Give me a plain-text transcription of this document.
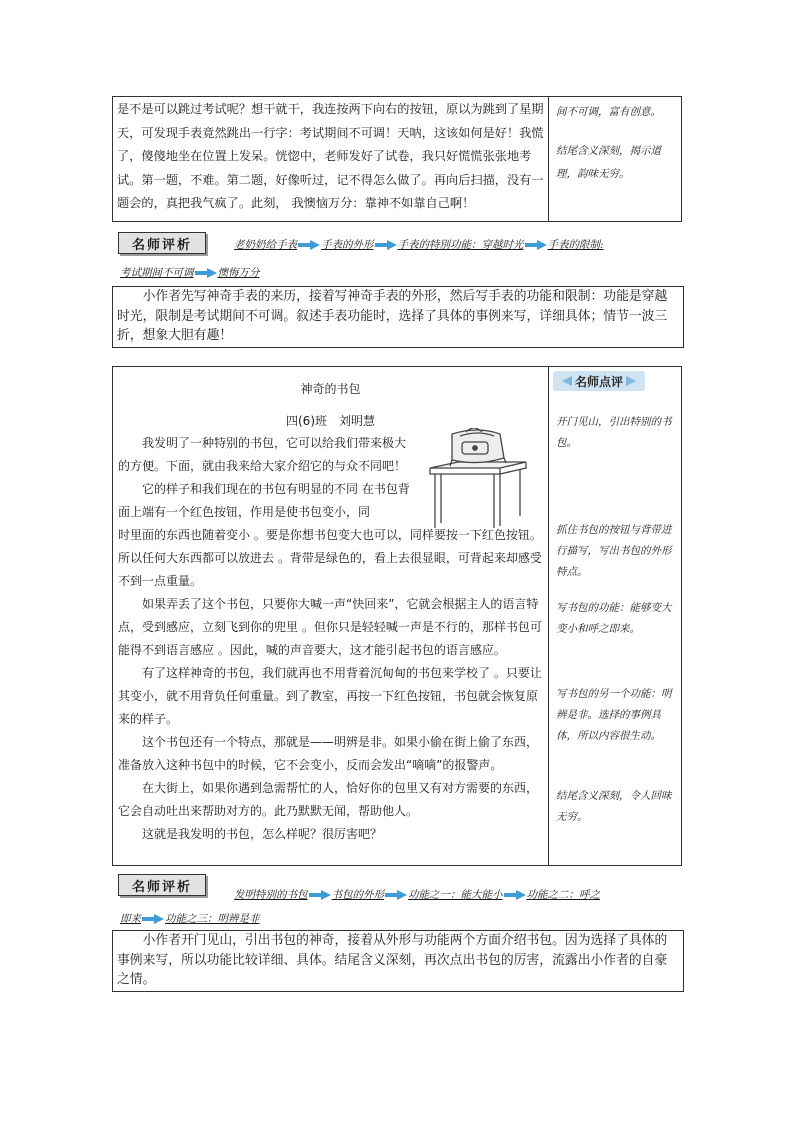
是不是可以跳过考试呢？想干就干，我连按两下向右的按钮，原以为跳到了星期天，可发现手表竟然跳出一行字：考试期间不可调！天呐，这该如何是好！我慌了，傻傻地坐在位置上发呆。恍惚中，老师发好了试卷，我只好慌慌张张地考试。第一题，不难。第二题，好像听过，记不得怎么做了。再向后扫描，没有一题会的，真把我气疯了。此刻， 我懊恼万分：靠神不如靠自己啊！

间不可调，富有创意。
结尾含义深刻，揭示道理，韵味无穷。
名师评析	老奶奶给手表 手表的外形 手表的特別功能：穿越时光 手表的限制:
考试期间不可调 懊悔万分

小作者先写神奇手表的来历，接着写神奇手表的外形，然后写手表的功能和限制：功能是穿越时光，限制是考试期间不可调。叙述手表功能时，选择了具体的事例来写，详细具体；情节一波三折，想象大胆有趣！

名师点评
神奇的书包
四(6)班　刘明慧

我发明了一种特别的书包，它可以给我们带来极大的方便。下面，就由我来给大家介绍它的与众不同吧！

它的样子和我们现在的书包有明显的不同 在书包背面上端有一个红色按钮，作用是使书包变小，同

时里面的东西也随着变小 。要是你想书包变大也可以，同样要按一下红色按钮。所以任何大东西都可以放进去 。背带是绿色的，看上去很显眼，可背起来却感受不到一点重量。

如果弄丢了这个书包，只要你大喊一声“快回来”，它就会根据主人的语言特点，受到感应，立刻飞到你的兜里 。但你只是轻轻喊一声是不行的，那样书包可能得不到语言感应 。因此，喊的声音要大，这才能引起书包的语言感应。

有了这样神奇的书包，我们就再也不用背着沉甸甸的书包来学校了 。只要让其变小，就不用背负任何重量。到了教室，再按一下红色按钮，书包就会恢复原来的样子。

这个书包还有一个特点，那就是——明辨是非。如果小偷在街上偷了东西，准备放入这种书包中的时候，它不会变小，反而会发出“嘀嘀”的报警声。

在大街上，如果你遇到急需帮忙的人，恰好你的包里又有对方需要的东西，它会自动吐出来帮助对方的。此乃默默无闻，帮助他人。

这就是我发明的书包，怎么样呢？很厉害吧？

开门见山，引出特别的书包。
抓住书包的按钮与背带进行描写，写出书包的外形特点。
写书包的功能：能够变大变小和呼之即来。
写书包的另一个功能：明辨是非。选择的事例具体，所以内容很生动。
结尾含义深刻，令人回味无穷。
名师评析
发明特别的书包 书包的外形 功能之一：能大能小 功能之二：呼之
即来 功能之三：明辨是非

小作者开门见山，引出书包的神奇，接着从外形与功能两个方面介绍书包。因为选择了具体的事例来写，所以功能比较详细、具体。结尾含义深刻，再次点出书包的厉害，流露出小作者的自豪之情。
